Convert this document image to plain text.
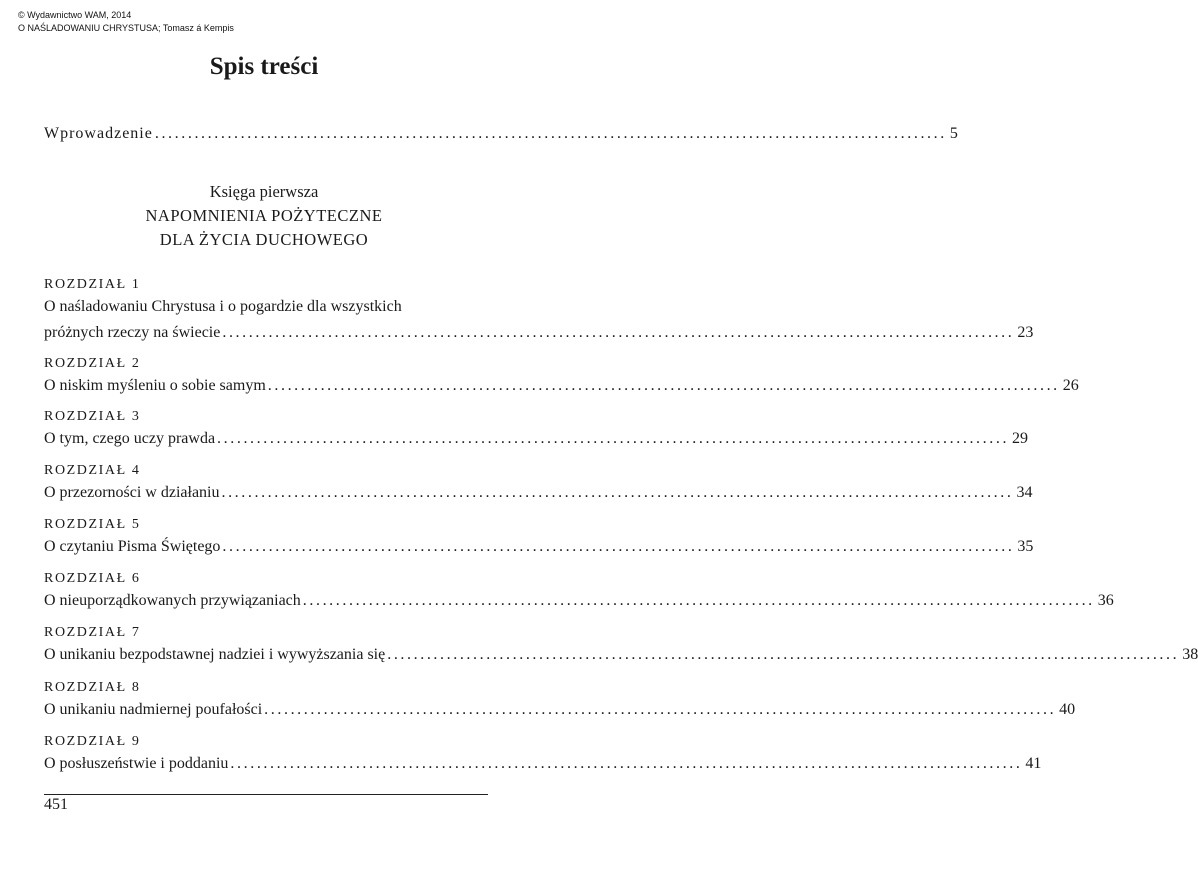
© Wydawnictwo WAM, 2014
O NAŚLADOWANIU CHRYSTUSA; Tomasz á Kempis
Spis treści
Wprowadzenie ........................................................................................................................ 5
Księga pierwsza
NAPOMNIENIA POŻYTECZNE
DLA ŻYCIA DUCHOWEGO
ROZDZIAŁ 1
O naśladowaniu Chrystusa i o pogardzie dla wszystkich
próżnych rzeczy na świecie ........................................................................................................................ 23
ROZDZIAŁ 2
O niskim myśleniu o sobie samym ........................................................................................................................ 26
ROZDZIAŁ 3
O tym, czego uczy prawda ........................................................................................................................ 29
ROZDZIAŁ 4
O przezorności w działaniu ........................................................................................................................ 34
ROZDZIAŁ 5
O czytaniu Pisma Świętego ........................................................................................................................ 35
ROZDZIAŁ 6
O nieuporządkowanych przywiązaniach ........................................................................................................................ 36
ROZDZIAŁ 7
O unikaniu bezpodstawnej nadziei i wywyższania się ........................................................................................................................ 38
ROZDZIAŁ 8
O unikaniu nadmiernej poufałości ........................................................................................................................ 40
ROZDZIAŁ 9
O posłuszeństwie i poddaniu ........................................................................................................................ 41
451
